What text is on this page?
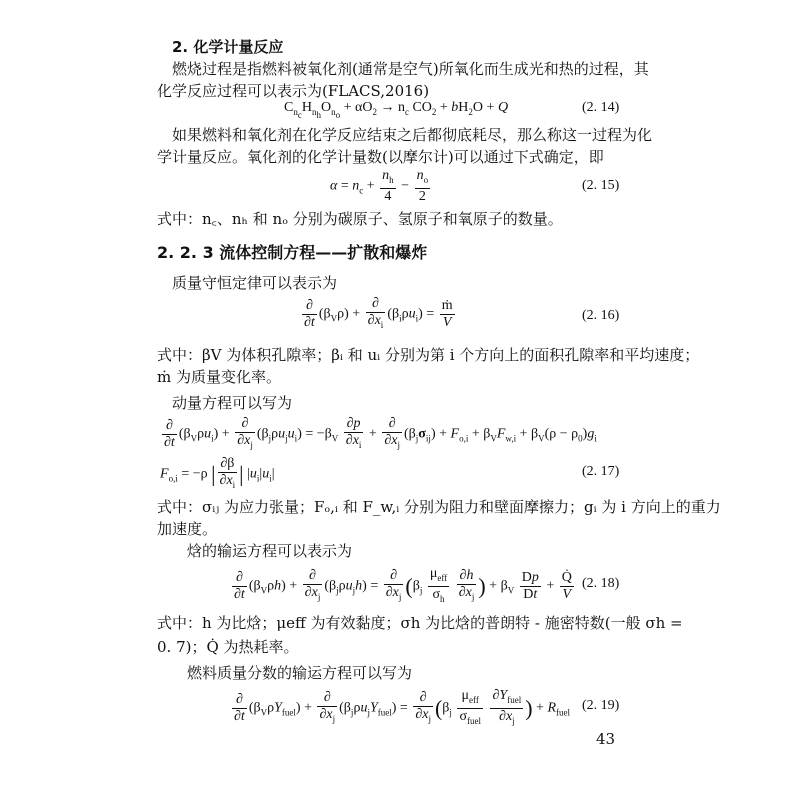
2. 化学计量反应
燃烧过程是指燃料被氧化剂(通常是空气)所氧化而生成光和热的过程，其
化学反应过程可以表示为(FLACS,2016)
$C_{n_c}H_{n_h}O_{n_o} + \alpha O_2 \to n_c$ $CO_2 + bH_2O + Q$	(2. 14)
如果燃料和氧化剂在化学反应结束之后都彻底耗尽，那么称这一过程为化
学计量反应。氧化剂的化学计量数(以摩尔计)可以通过下式确定，即
$\alpha = n_c + \frac{n_h}{4} - \frac{n_o}{2}$	(2. 15)
式中：n꜀、nₕ 和 nₒ 分别为碳原子、氢原子和氧原子的数量。
2. 2. 3 流体控制方程——扩散和爆炸
质量守恒定律可以表示为
$\frac{\partial}{\partial t} (\beta_V\rho) + \frac{\partial}{\partial x_i} (\beta_i\rho u_i) = \frac{\text{ṁ}}{V}$	(2. 16)
式中：βV 为体积孔隙率；βᵢ 和 uᵢ 分别为第 i 个方向上的面积孔隙率和平均速度；
ṁ 为质量变化率。
动量方程可以写为
$\frac{\partial}{\partial t} (\beta_V\rho u_i) + \frac{\partial}{\partial x_j} (\beta_j\rho u_ju_i) = -\beta_V \frac{\partial p}{\partial x_i} + \frac{\partial}{\partial x_j} (\beta_j\sigma_{ij}) + F_{o,i} + \beta_VF_{w,i} + \beta_V(\rho - \rho_0)g_i$
$F_{o,i} = -\rho$ | $\frac{\partial\beta}{\partial x_i}$ | $|u_i|u_i|$	(2. 17)
式中：σᵢⱼ 为应力张量；Fₒ,ᵢ 和 F_w,ᵢ 分别为阻力和壁面摩擦力；gᵢ 为 i 方向上的重力
加速度。
焓的输运方程可以表示为
$\frac{\partial}{\partial t} (\beta_V\rho h) + \frac{\partial}{\partial x_j} (\beta_j\rho u_jh) = \frac{\partial}{\partial x_j} (\beta_j \frac{\mu_{eff}}{\sigma_h}$
$\frac{\partial h}{\partial x_j}$ ) + $\beta_V \frac{Dp}{Dt} + \frac{Q̇}{V} (2$. 18)
式中：h 为比焓；μeff 为有效黏度；σh 为比焓的普朗特 - 施密特数(一般 σh =
0. 7)；Q̇ 为热耗率。
燃料质量分数的输运方程可以写为
$\frac{\partial}{\partial t} (\beta_V\rho Y_{fuel}) + \frac{\partial}{\partial x_j} (\beta_j\rho u_jY_{fuel}) = \frac{\partial}{\partial x_j} (\beta_j \frac{\mu_{eff}}{\sigma_{fuel}}$
$\frac{\partial Y_{fuel}}{\partial x_j}$ ) + $R_{fuel}$ (2. 19)
43
